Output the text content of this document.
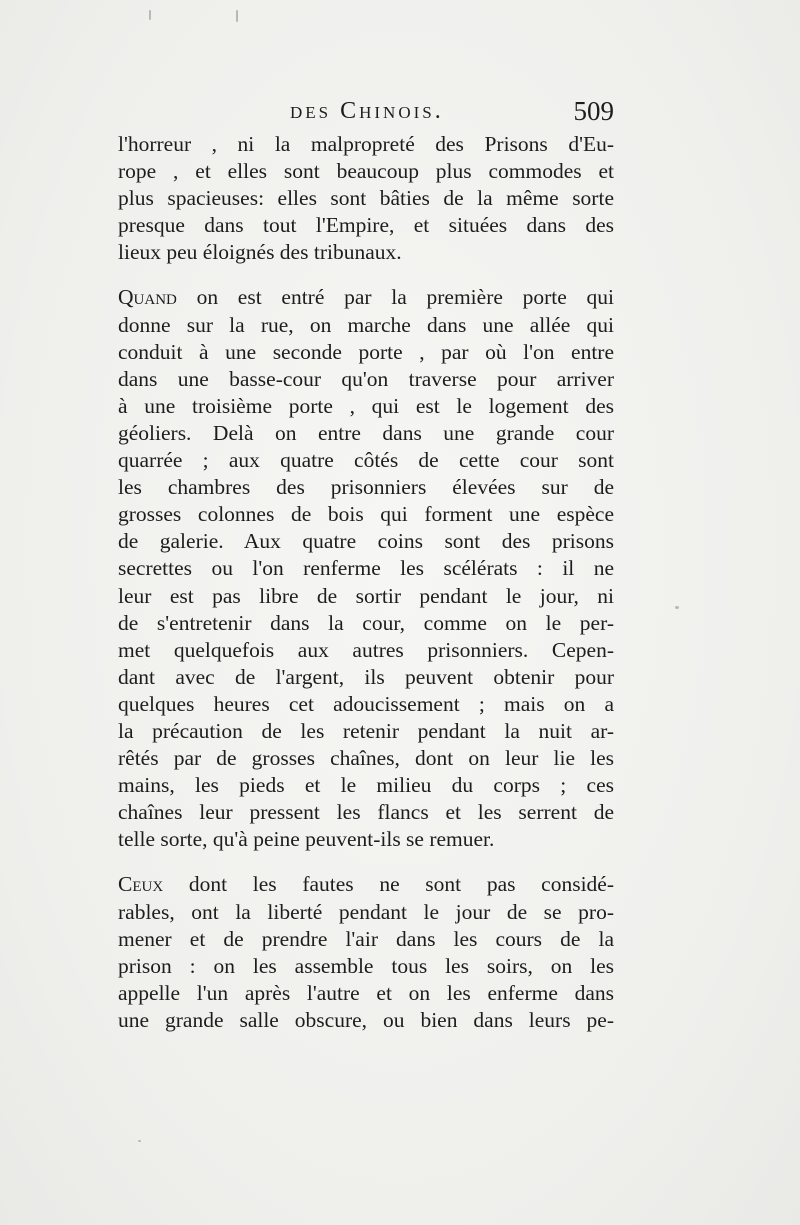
des Chinois.	509
l'horreur , ni la malpropreté des Prisons d'Eu-
rope , et elles sont beaucoup plus commodes et
plus spacieuses: elles sont bâties de la même sorte
presque dans tout l'Empire, et situées dans des
lieux peu éloignés des tribunaux.
Quand on est entré par la première porte qui
donne sur la rue, on marche dans une allée qui
conduit à une seconde porte , par où l'on entre
dans une basse-cour qu'on traverse pour arriver
à une troisième porte , qui est le logement des
géoliers. Delà on entre dans une grande cour
quarrée ; aux quatre côtés de cette cour sont
les chambres des prisonniers élevées sur de
grosses colonnes de bois qui forment une espèce
de galerie. Aux quatre coins sont des prisons
secrettes ou l'on renferme les scélérats : il ne
leur est pas libre de sortir pendant le jour, ni
de s'entretenir dans la cour, comme on le per-
met quelquefois aux autres prisonniers. Cepen-
dant avec de l'argent, ils peuvent obtenir pour
quelques heures cet adoucissement ; mais on a
la précaution de les retenir pendant la nuit ar-
rêtés par de grosses chaînes, dont on leur lie les
mains, les pieds et le milieu du corps ; ces
chaînes leur pressent les flancs et les serrent de
telle sorte, qu'à peine peuvent-ils se remuer.
Ceux dont les fautes ne sont pas considé-
rables, ont la liberté pendant le jour de se pro-
mener et de prendre l'air dans les cours de la
prison : on les assemble tous les soirs, on les
appelle l'un après l'autre et on les enferme dans
une grande salle obscure, ou bien dans leurs pe-
